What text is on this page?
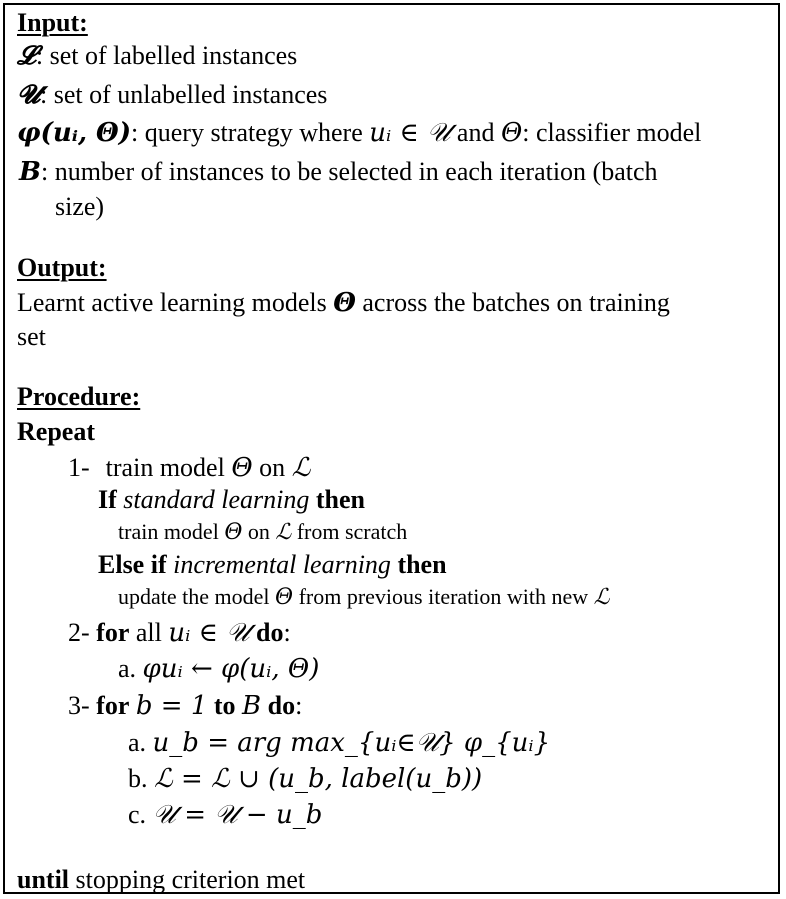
Input:
𝓛: set of labelled instances
𝓤: set of unlabelled instances
φ(uᵢ, Θ): query strategy where uᵢ ∈ 𝒰 and Θ: classifier model
B: number of instances to be selected in each iteration (batch
size)
Output:
Learnt active learning models Θ across the batches on training
set
Procedure:
Repeat
1- train model Θ on ℒ
If standard learning then
train model Θ on ℒ from scratch
Else if incremental learning then
update the model Θ from previous iteration with new ℒ
2- for all uᵢ ∈ 𝒰 do:
a. φuᵢ ← φ(uᵢ, Θ)
3- for b = 1 to B do:
a. u_b = arg max_{uᵢ∈𝒰} φ_{uᵢ}
b. ℒ = ℒ ∪ (u_b, label(u_b))
c. 𝒰 = 𝒰 − u_b
until stopping criterion met
